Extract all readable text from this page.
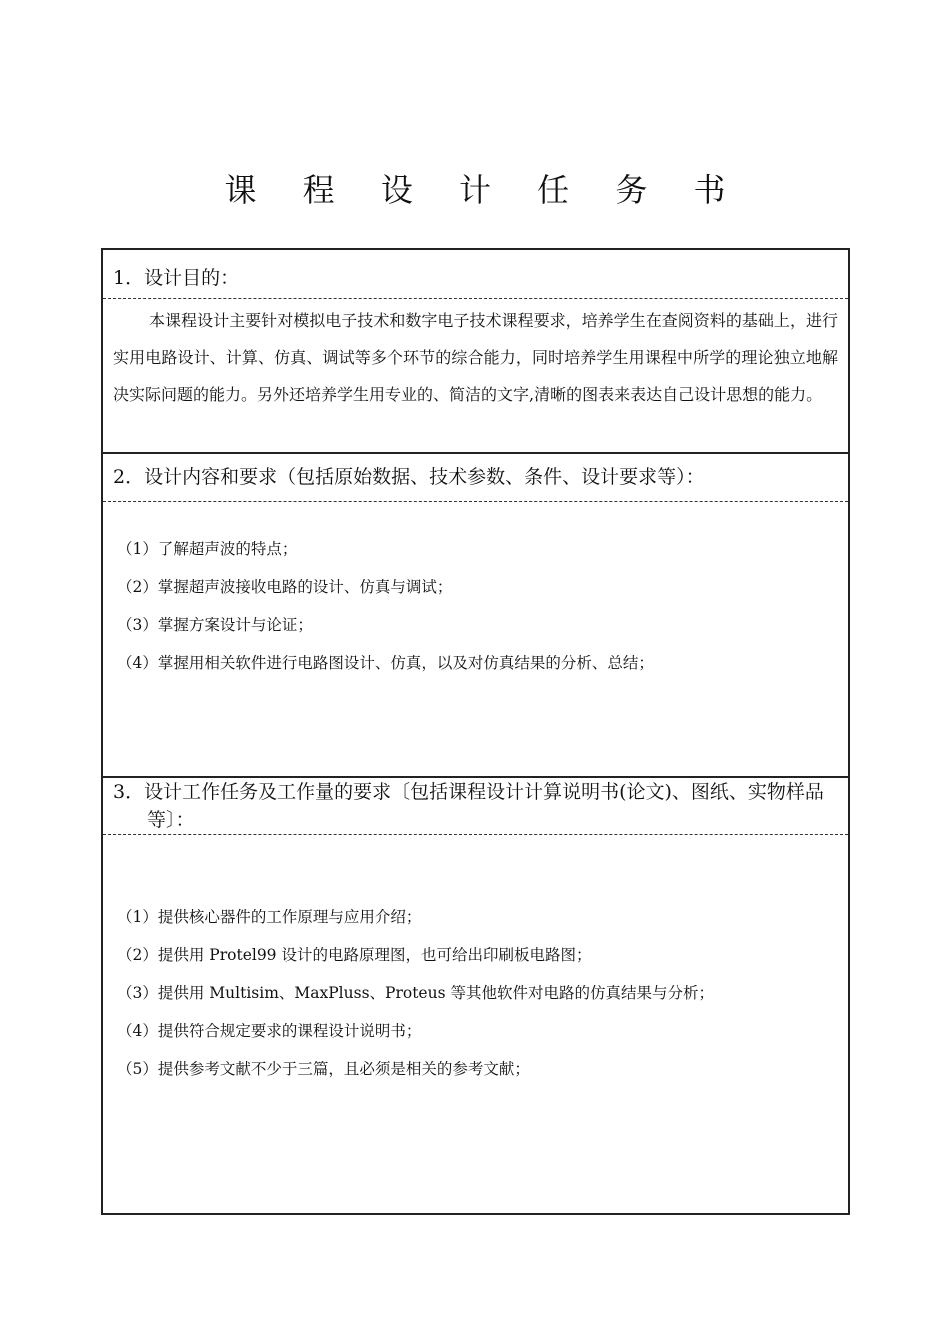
课 程 设 计 任 务 书
1．设计目的：

本课程设计主要针对模拟电子技术和数字电子技术课程要求，培养学生在查阅资料的基础上，进行实用电路设计、计算、仿真、调试等多个环节的综合能力，同时培养学生用课程中所学的理论独立地解决实际问题的能力。另外还培养学生用专业的、简洁的文字,清晰的图表来表达自己设计思想的能力。

2．设计内容和要求（包括原始数据、技术参数、条件、设计要求等）：
（1）了解超声波的特点；
（2）掌握超声波接收电路的设计、仿真与调试；
（3）掌握方案设计与论证；
（4）掌握用相关软件进行电路图设计、仿真，以及对仿真结果的分析、总结；
3．设计工作任务及工作量的要求〔包括课程设计计算说明书(论文)、图纸、实物样品等〕：
（1）提供核心器件的工作原理与应用介绍；
（2）提供用 Protel99 设计的电路原理图，也可给出印刷板电路图；
（3）提供用 Multisim、MaxPluss、Proteus 等其他软件对电路的仿真结果与分析；
（4）提供符合规定要求的课程设计说明书；
（5）提供参考文献不少于三篇，且必须是相关的参考文献；
